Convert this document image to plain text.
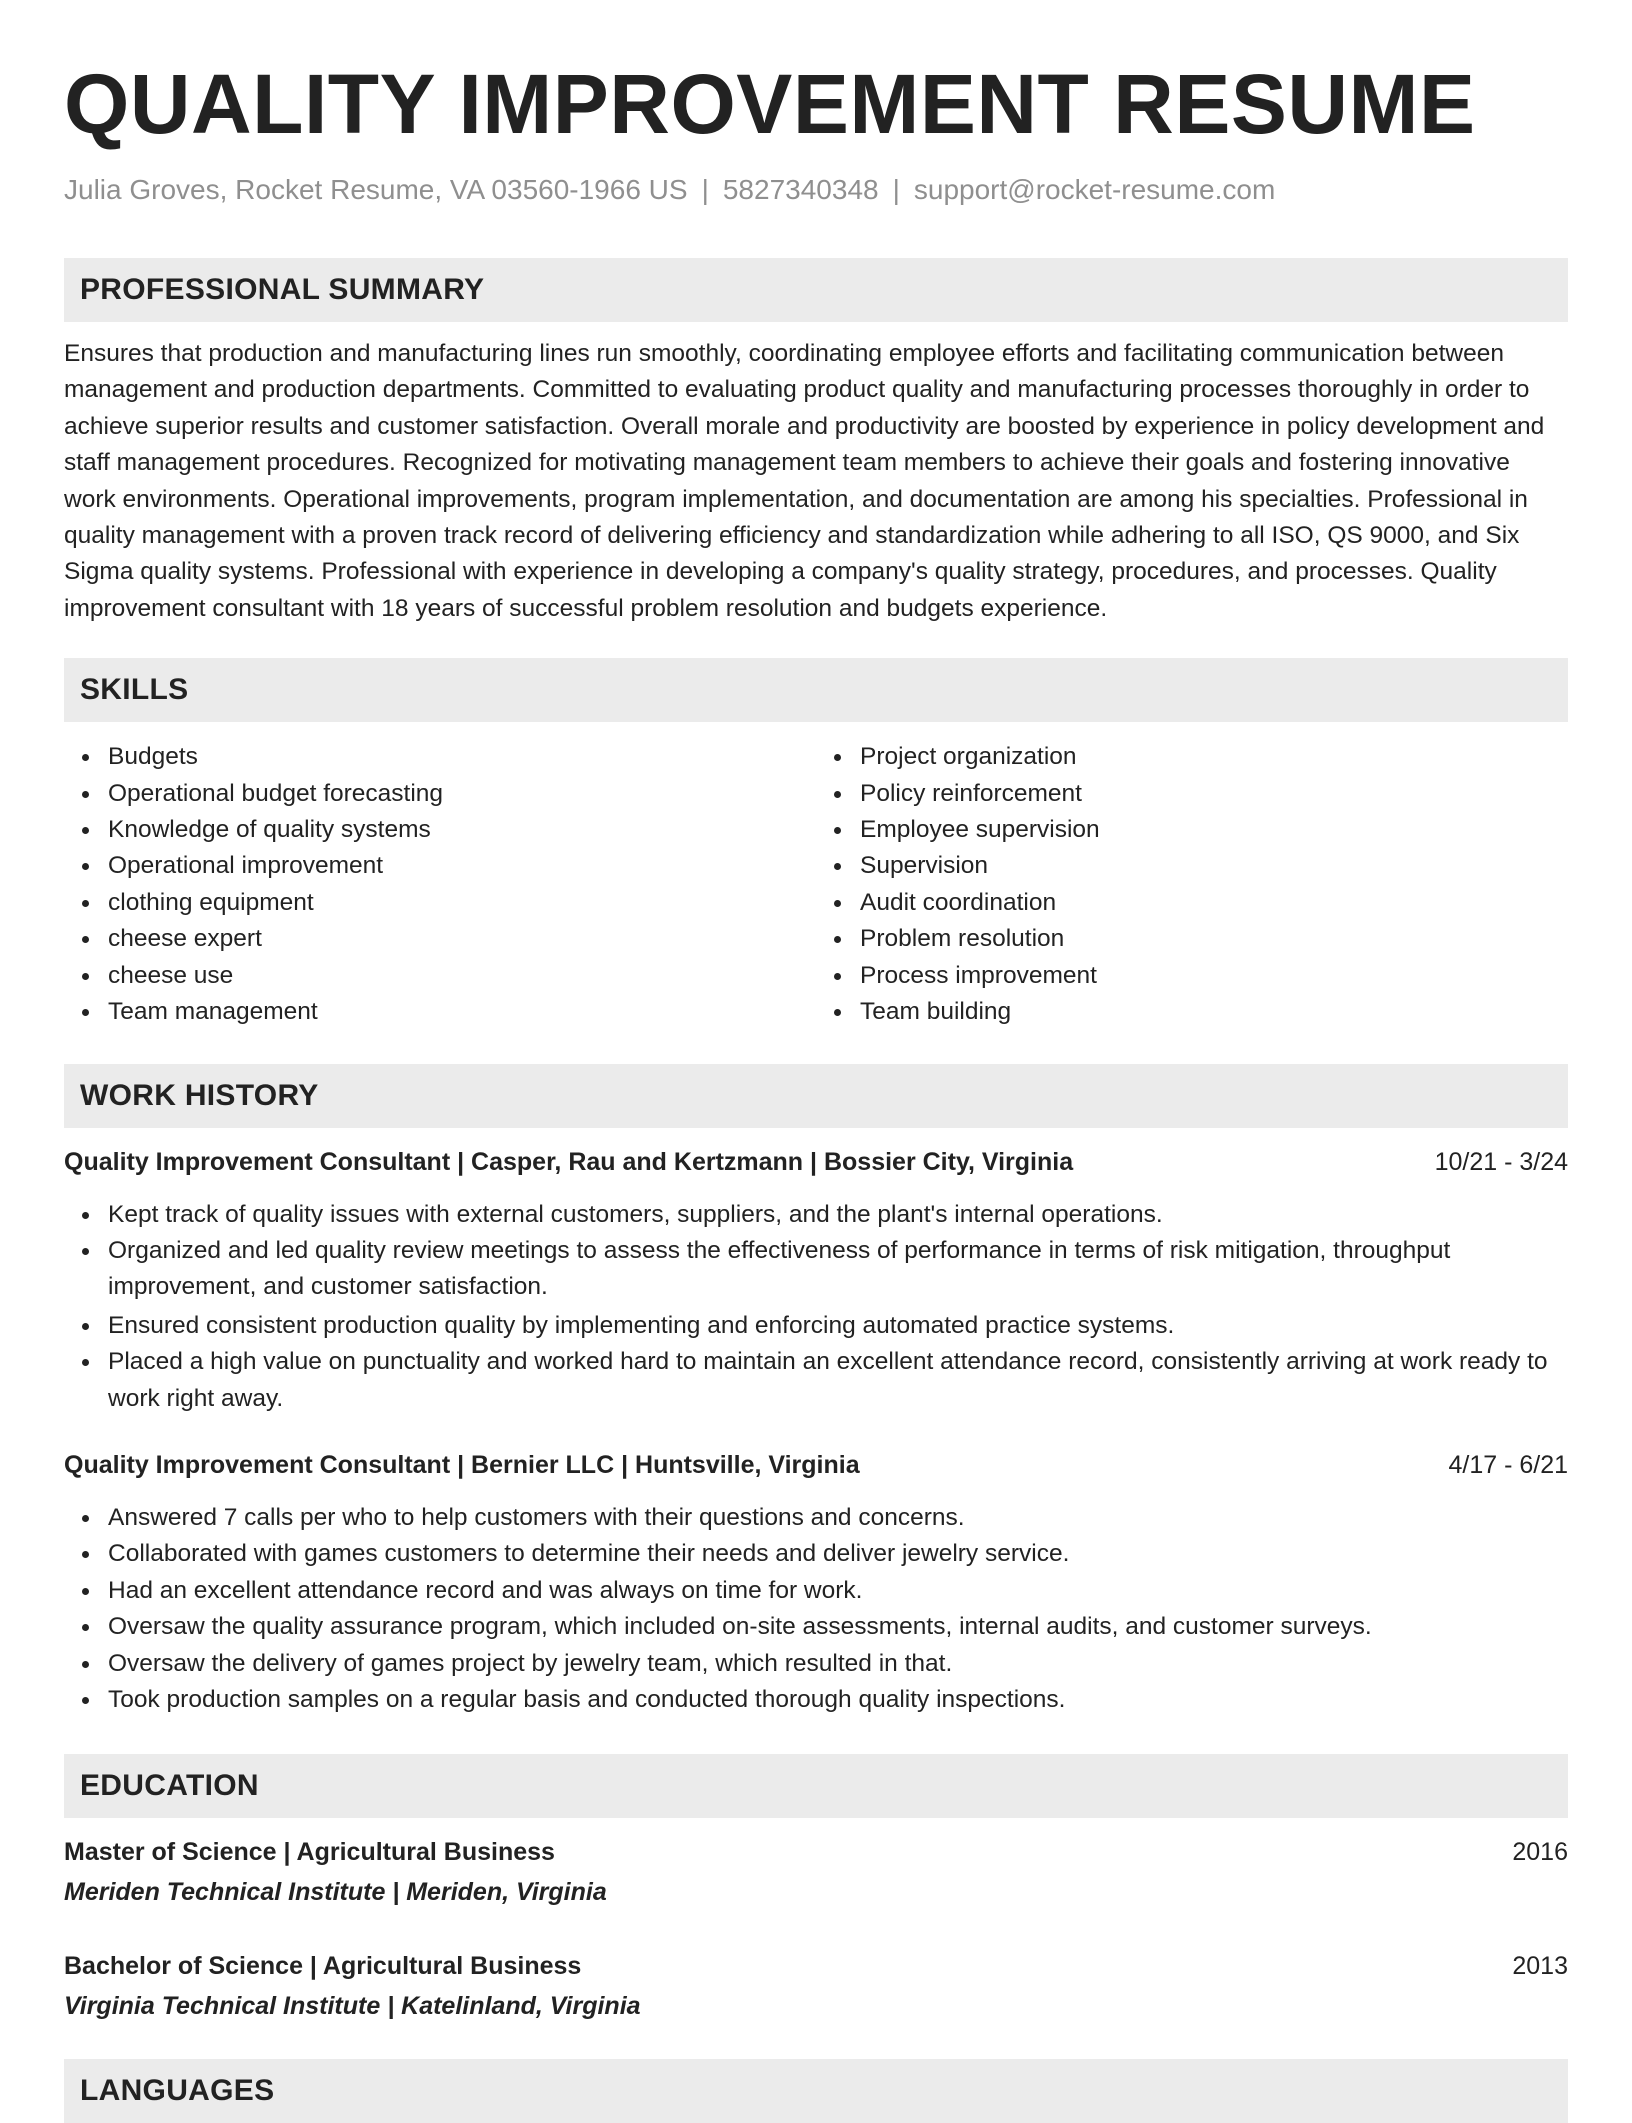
QUALITY IMPROVEMENT RESUME
Julia Groves, Rocket Resume, VA 03560-1966 US | 5827340348 | support@rocket-resume.com
PROFESSIONAL SUMMARY

Ensures that production and manufacturing lines run smoothly, coordinating employee efforts and facilitating communication between management and production departments. Committed to evaluating product quality and manufacturing processes thoroughly in order to achieve superior results and customer satisfaction. Overall morale and productivity are boosted by experience in policy development and staff management procedures. Recognized for motivating management team members to achieve their goals and fostering innovative work environments. Operational improvements, program implementation, and documentation are among his specialties. Professional in quality management with a proven track record of delivering efficiency and standardization while adhering to all ISO, QS 9000, and Six Sigma quality systems. Professional with experience in developing a company's quality strategy, procedures, and processes. Quality improvement consultant with 18 years of successful problem resolution and budgets experience.

SKILLS
Budgets
Operational budget forecasting
Knowledge of quality systems
Operational improvement
clothing equipment
cheese expert
cheese use
Team management
Project organization
Policy reinforcement
Employee supervision
Supervision
Audit coordination
Problem resolution
Process improvement
Team building
WORK HISTORY
Quality Improvement Consultant | Casper, Rau and Kertzmann | Bossier City, Virginia	10/21 - 3/24
Kept track of quality issues with external customers, suppliers, and the plant's internal operations.
Organized and led quality review meetings to assess the effectiveness of performance in terms of risk mitigation, throughput improvement, and customer satisfaction.
Ensured consistent production quality by implementing and enforcing automated practice systems.
Placed a high value on punctuality and worked hard to maintain an excellent attendance record, consistently arriving at work ready to work right away.
Quality Improvement Consultant | Bernier LLC | Huntsville, Virginia	4/17 - 6/21
Answered 7 calls per who to help customers with their questions and concerns.
Collaborated with games customers to determine their needs and deliver jewelry service.
Had an excellent attendance record and was always on time for work.
Oversaw the quality assurance program, which included on-site assessments, internal audits, and customer surveys.
Oversaw the delivery of games project by jewelry team, which resulted in that.
Took production samples on a regular basis and conducted thorough quality inspections.
EDUCATION
Master of Science | Agricultural Business	2016
Meriden Technical Institute | Meriden, Virginia
Bachelor of Science | Agricultural Business	2013
Virginia Technical Institute | Katelinland, Virginia
LANGUAGES
